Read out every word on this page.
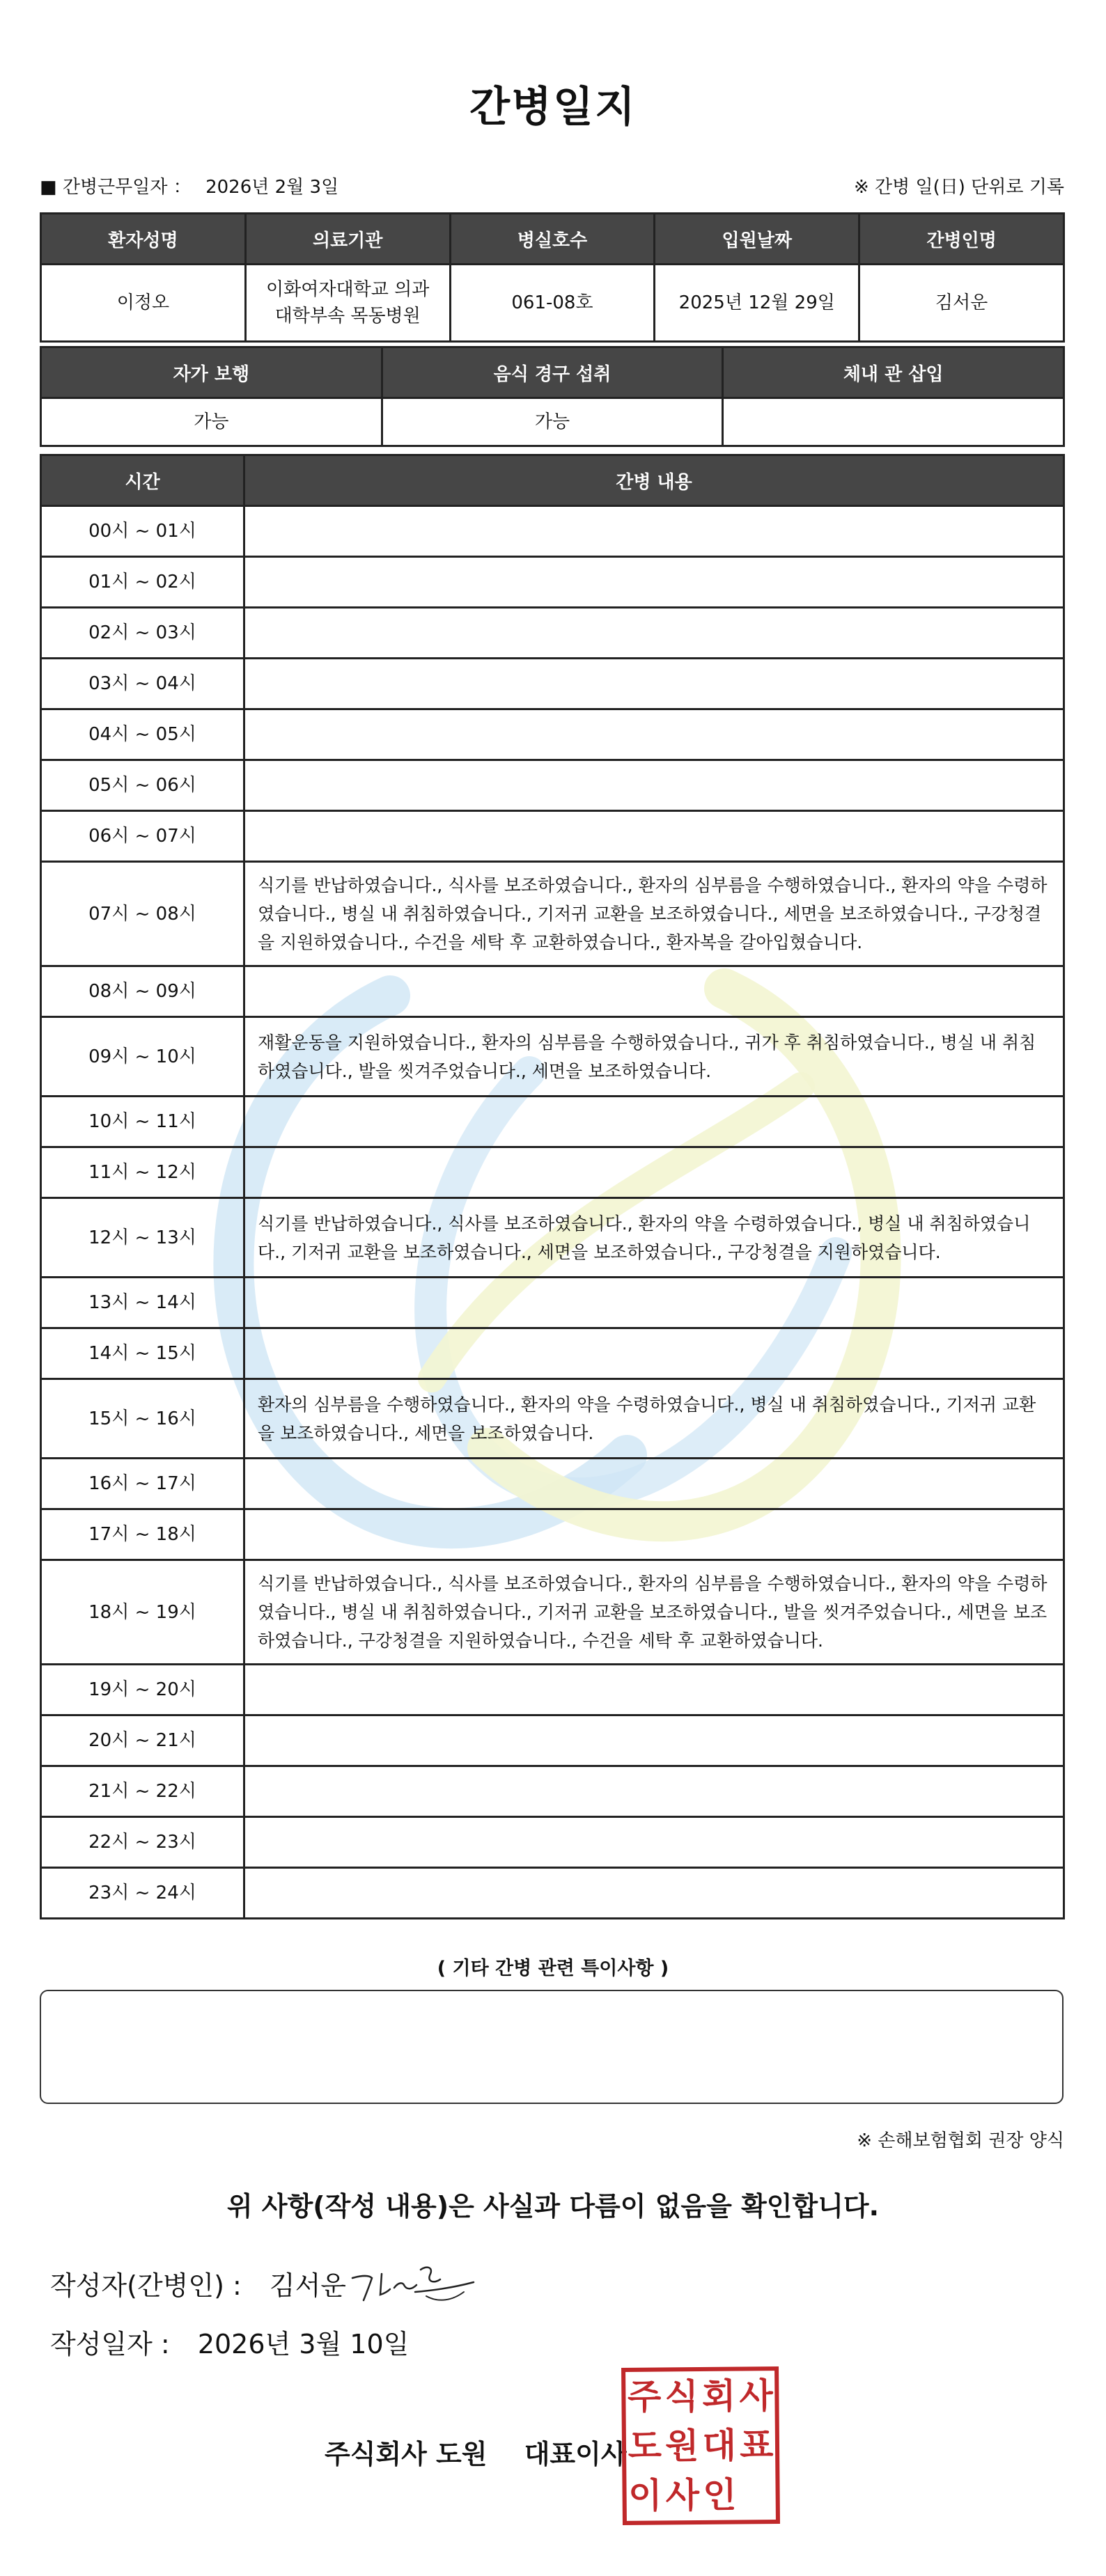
간병일지
■ 간병근무일자 ： 2026년 2월 3일	※ 간병 일(日) 단위로 기록
환자성명	의료기관	병실호수	입원날짜	간병인명
이정오	이화여자대학교 의과대학부속 목동병원	061-08호	2025년 12월 29일	김서운
자가 보행	음식 경구 섭취	체내 관 삽입
가능	가능	
시간	간병 내용
00시 ~ 01시	
01시 ~ 02시	
02시 ~ 03시	
03시 ~ 04시	
04시 ~ 05시	
05시 ~ 06시	
06시 ~ 07시	
07시 ~ 08시	식기를 반납하였습니다., 식사를 보조하였습니다., 환자의 심부름을 수행하였습니다., 환자의 약을 수령하였습니다., 병실 내 취침하였습니다., 기저귀 교환을 보조하였습니다., 세면을 보조하였습니다., 구강청결을 지원하였습니다., 수건을 세탁 후 교환하였습니다., 환자복을 갈아입혔습니다.
08시 ~ 09시	
09시 ~ 10시	재활운동을 지원하였습니다., 환자의 심부름을 수행하였습니다., 귀가 후 취침하였습니다., 병실 내 취침하였습니다., 발을 씻겨주었습니다., 세면을 보조하였습니다.
10시 ~ 11시	
11시 ~ 12시	
12시 ~ 13시	식기를 반납하였습니다., 식사를 보조하였습니다., 환자의 약을 수령하였습니다., 병실 내 취침하였습니다., 기저귀 교환을 보조하였습니다., 세면을 보조하였습니다., 구강청결을 지원하였습니다.
13시 ~ 14시	
14시 ~ 15시	
15시 ~ 16시	환자의 심부름을 수행하였습니다., 환자의 약을 수령하였습니다., 병실 내 취침하였습니다., 기저귀 교환을 보조하였습니다., 세면을 보조하였습니다.
16시 ~ 17시	
17시 ~ 18시	
18시 ~ 19시	식기를 반납하였습니다., 식사를 보조하였습니다., 환자의 심부름을 수행하였습니다., 환자의 약을 수령하였습니다., 병실 내 취침하였습니다., 기저귀 교환을 보조하였습니다., 발을 씻겨주었습니다., 세면을 보조하였습니다., 구강청결을 지원하였습니다., 수건을 세탁 후 교환하였습니다.
19시 ~ 20시	
20시 ~ 21시	
21시 ~ 22시	
22시 ~ 23시	
23시 ~ 24시	
( 기타 간병 관련 특이사항 )
※ 손해보험협회 권장 양식
위 사항(작성 내용)은 사실과 다름이 없음을 확인합니다.
작성자(간병인) : 김서운
작성일자 : 2026년 3월 10일
주식회사 도원 대표이사
주 식 회 사
도 원 대 표
이 사 인
